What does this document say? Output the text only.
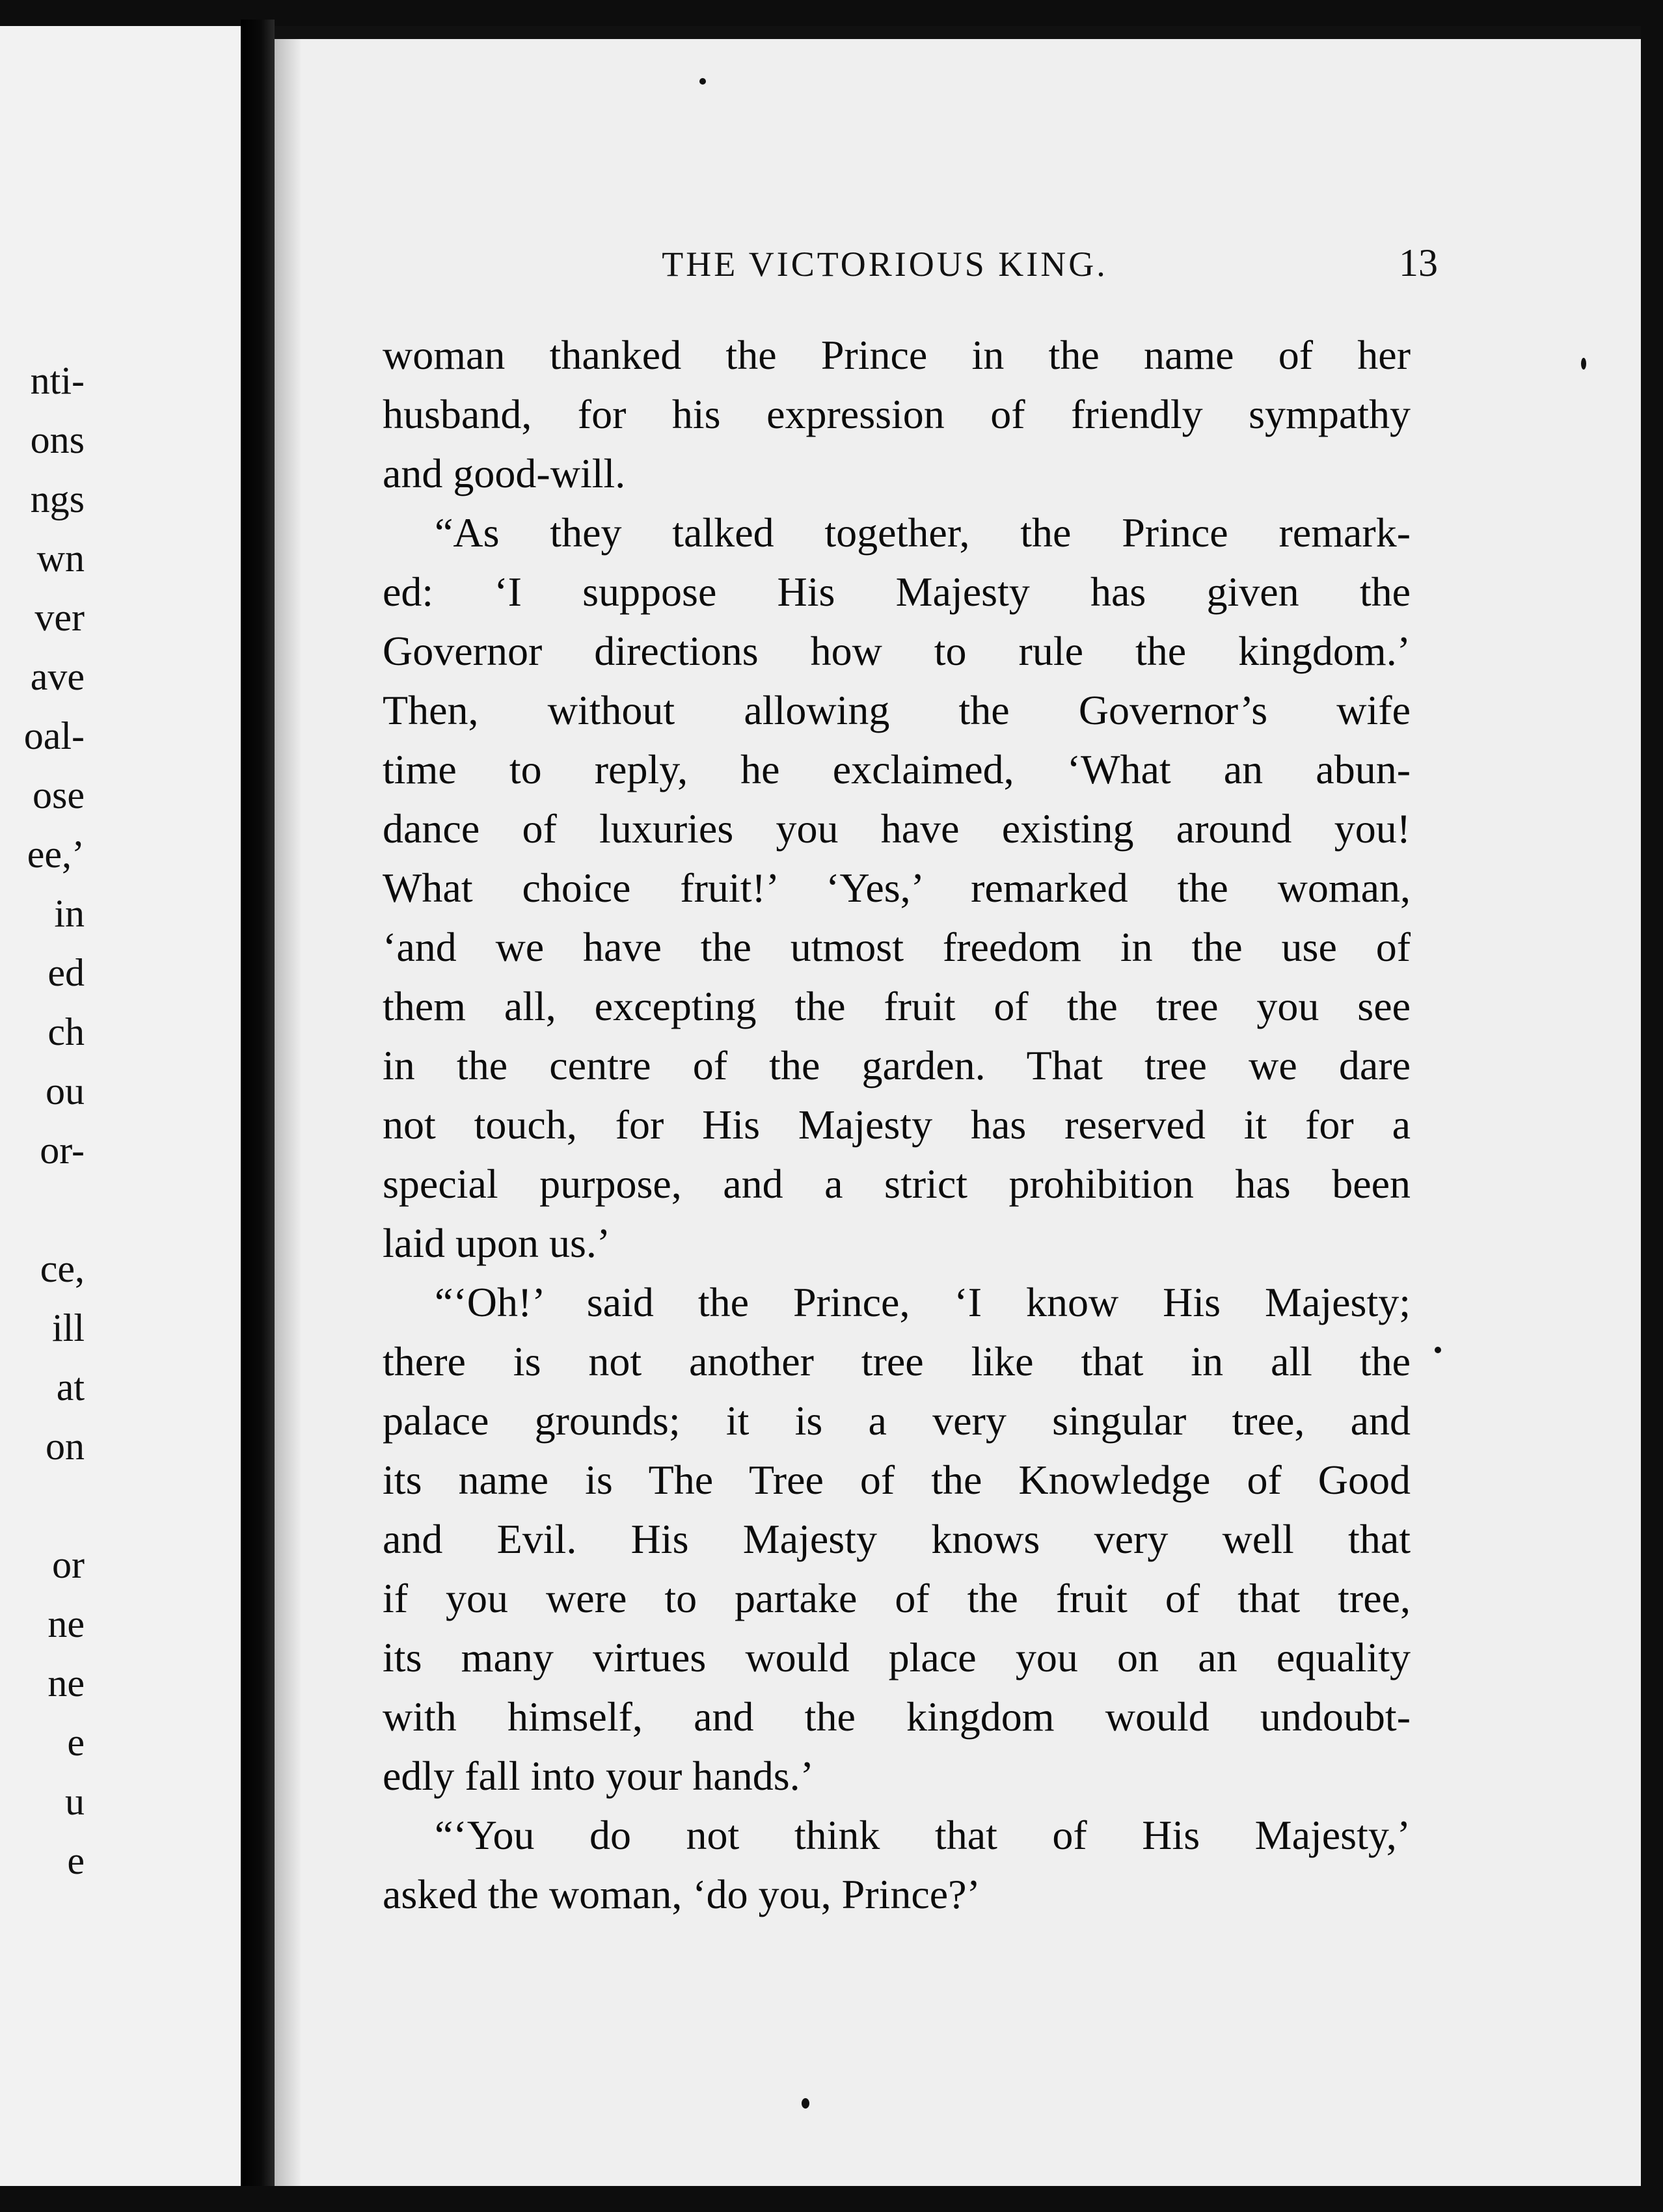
nti-
ons
ngs
wn
ver
ave
oal-
ose
ee,’
in
ed
ch
ou
or-
ce,
ill
at
on
or
ne
ne
e
u
e
THE VICTORIOUS KING.	13
woman thanked the Prince in the name of her
husband, for his expression of friendly sympathy
and good-will.
“As they talked together, the Prince remark-
ed: ‘I suppose His Majesty has given the
Governor directions how to rule the kingdom.’
Then, without allowing the Governor’s wife
time to reply, he exclaimed, ‘What an abun-
dance of luxuries you have existing around you!
What choice fruit!’ ‘Yes,’ remarked the woman,
‘and we have the utmost freedom in the use of
them all, excepting the fruit of the tree you see
in the centre of the garden. That tree we dare
not touch, for His Majesty has reserved it for a
special purpose, and a strict prohibition has been
laid upon us.’
“‘Oh!’ said the Prince, ‘I know His Majesty;
there is not another tree like that in all the
palace grounds; it is a very singular tree, and
its name is The Tree of the Knowledge of Good
and Evil. His Majesty knows very well that
if you were to partake of the fruit of that tree,
its many virtues would place you on an equality
with himself, and the kingdom would undoubt-
edly fall into your hands.’
“‘You do not think that of His Majesty,’
asked the woman, ‘do you, Prince?’
